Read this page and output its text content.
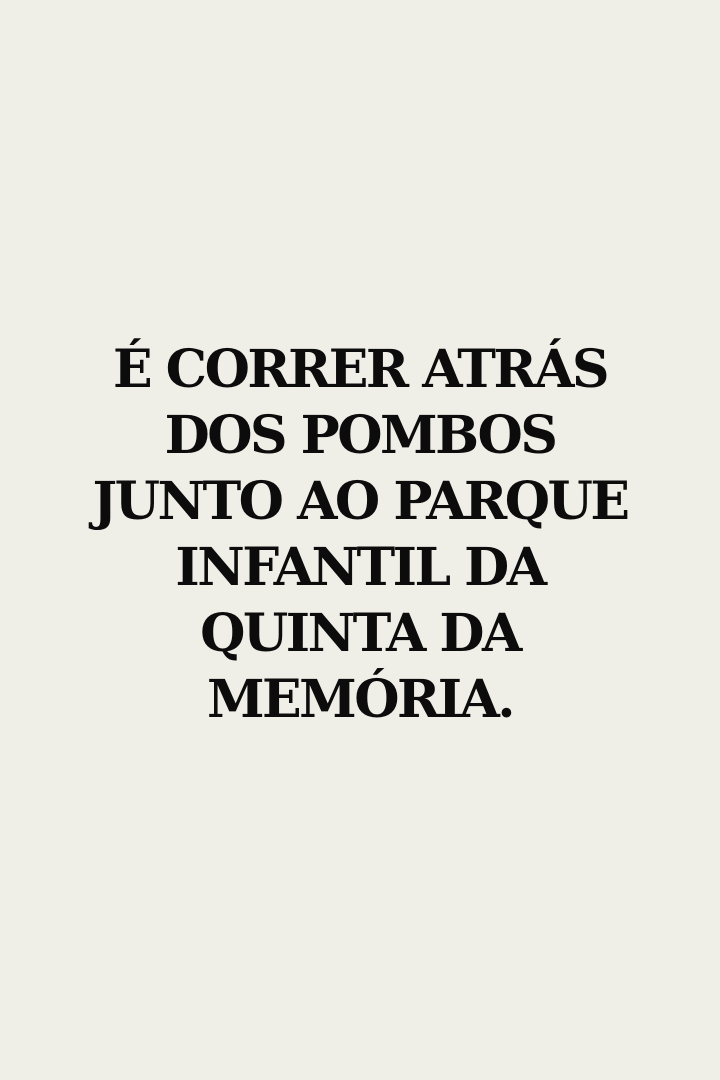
É CORRER ATRÁS
DOS POMBOS
JUNTO AO PARQUE
INFANTIL DA
QUINTA DA
MEMÓRIA.
